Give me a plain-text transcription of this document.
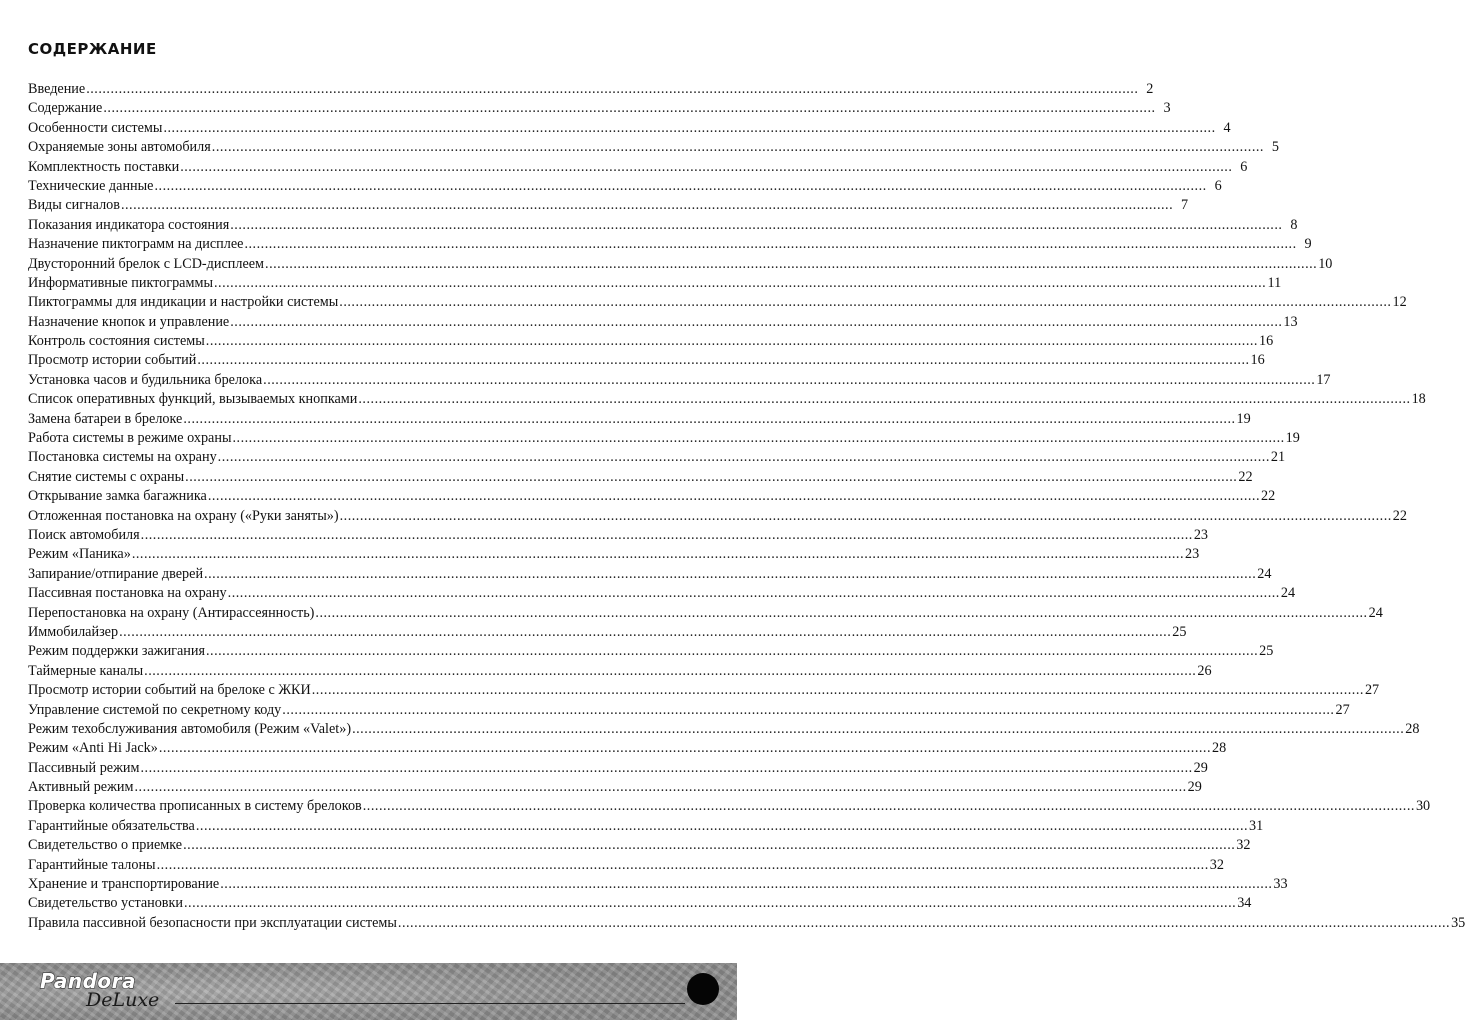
СОДЕРЖАНИЕ
Введение .................................................................................................................................................................................................................................................................... 2
Содержание .................................................................................................................................................................................................................................................................... 3
Особенности системы .................................................................................................................................................................................................................................................................... 4
Охраняемые зоны автомобиля .................................................................................................................................................................................................................................................................... 5
Комплектность поставки .................................................................................................................................................................................................................................................................... 6
Технические данные .................................................................................................................................................................................................................................................................... 6
Виды сигналов .................................................................................................................................................................................................................................................................... 7
Показания индикатора состояния .................................................................................................................................................................................................................................................................... 8
Назначение пиктограмм на дисплее .................................................................................................................................................................................................................................................................... 9
Двусторонний брелок с LCD-дисплеем .................................................................................................................................................................................................................................................................... 10
Информативные пиктограммы .................................................................................................................................................................................................................................................................... 11
Пиктограммы для индикации и настройки системы .................................................................................................................................................................................................................................................................... 12
Назначение кнопок и управление .................................................................................................................................................................................................................................................................... 13
Контроль состояния системы .................................................................................................................................................................................................................................................................... 16
Просмотр истории событий .................................................................................................................................................................................................................................................................... 16
Установка часов и будильника брелока .................................................................................................................................................................................................................................................................... 17
Список оперативных функций, вызываемых кнопками .................................................................................................................................................................................................................................................................... 18
Замена батареи в брелоке .................................................................................................................................................................................................................................................................... 19
Работа системы в режиме охраны .................................................................................................................................................................................................................................................................... 19
Постановка системы на охрану .................................................................................................................................................................................................................................................................... 21
Снятие системы с охраны .................................................................................................................................................................................................................................................................... 22
Открывание замка багажника .................................................................................................................................................................................................................................................................... 22
Отложенная постановка на охрану («Руки заняты») .................................................................................................................................................................................................................................................................... 22
Поиск автомобиля .................................................................................................................................................................................................................................................................... 23
Режим «Паника» .................................................................................................................................................................................................................................................................... 23
Запирание/отпирание дверей .................................................................................................................................................................................................................................................................... 24
Пассивная постановка на охрану .................................................................................................................................................................................................................................................................... 24
Перепостановка на охрану (Антирассеянность) .................................................................................................................................................................................................................................................................... 24
Иммобилайзер .................................................................................................................................................................................................................................................................... 25
Режим поддержки зажигания .................................................................................................................................................................................................................................................................... 25
Таймерные каналы .................................................................................................................................................................................................................................................................... 26
Просмотр истории событий на брелоке с ЖКИ .................................................................................................................................................................................................................................................................... 27
Управление системой по секретному коду .................................................................................................................................................................................................................................................................... 27
Режим техобслуживания автомобиля (Режим «Valet») .................................................................................................................................................................................................................................................................... 28
Режим «Anti Hi Jack» .................................................................................................................................................................................................................................................................... 28
Пассивный режим .................................................................................................................................................................................................................................................................... 29
Активный режим .................................................................................................................................................................................................................................................................... 29
Проверка количества прописанных в систему брелоков .................................................................................................................................................................................................................................................................... 30
Гарантийные обязательства .................................................................................................................................................................................................................................................................... 31
Свидетельство о приемке .................................................................................................................................................................................................................................................................... 32
Гарантийные талоны .................................................................................................................................................................................................................................................................... 32
Хранение и транспортирование .................................................................................................................................................................................................................................................................... 33
Свидетельство установки .................................................................................................................................................................................................................................................................... 34
Правила пассивной безопасности при эксплуатации системы .................................................................................................................................................................................................................................................................... 35
Pandora
DeLuxe
